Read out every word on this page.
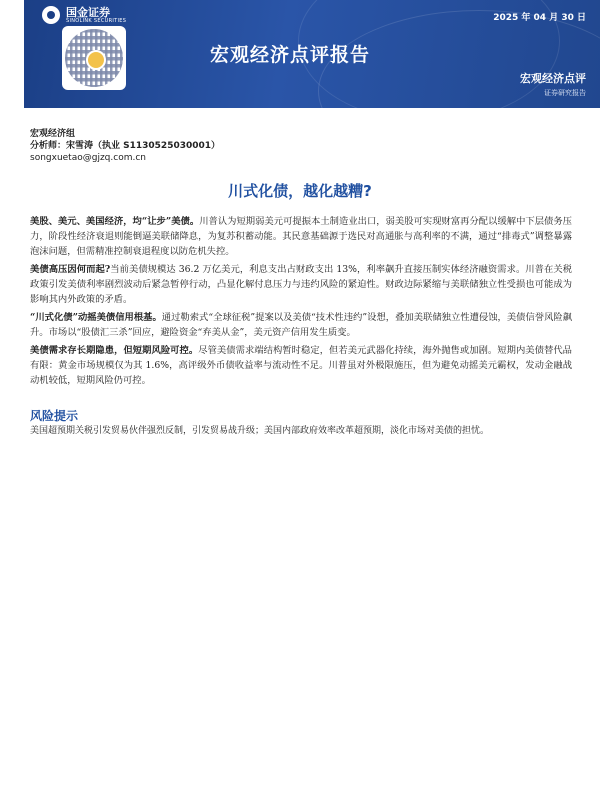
国金证券
SINOLINK SECURITIES	2025 年 04 月 30 日
宏观经济点评报告
宏观经济点评
证券研究报告
宏观经济组
分析师：宋雪涛（执业 S1130525030001）
songxuetao@gjzq.com.cn
川式化债，越化越糟?

美股、美元、美国经济，均“让步”美债。川普认为短期弱美元可提振本土制造业出口，弱美股可实现财富再分配以缓解中下层债务压力，阶段性经济衰退则能倒逼美联储降息，为复苏积蓄动能。其民意基础源于选民对高通胀与高利率的不满，通过“排毒式”调整暴露泡沫问题，但需精准控制衰退程度以防危机失控。

美债高压因何而起?当前美债规模达 36.2 万亿美元，利息支出占财政支出 13%，利率飙升直接压制实体经济融资需求。川普在关税政策引发美债利率剧烈波动后紧急暂停行动，凸显化解付息压力与违约风险的紧迫性。财政边际紧缩与美联储独立性受损也可能成为影响其内外政策的矛盾。

“川式化债”动摇美债信用根基。通过勒索式“全球征税”提案以及美债“技术性违约”设想，叠加美联储独立性遭侵蚀，美债信誉风险飙升。市场以“股债汇三杀”回应，避险资金“弃美从金”，美元资产信用发生质变。

美债需求存长期隐患，但短期风险可控。尽管美债需求端结构暂时稳定，但若美元武器化持续，海外抛售或加剧。短期内美债替代品有限：黄金市场规模仅为其 1.6%，高评级外币债收益率与流动性不足。川普虽对外极限施压，但为避免动摇美元霸权，发动金融战动机较低，短期风险仍可控。

风险提示
美国超预期关税引发贸易伙伴强烈反制，引发贸易战升级；美国内部政府效率改革超预期，淡化市场对美债的担忧。
